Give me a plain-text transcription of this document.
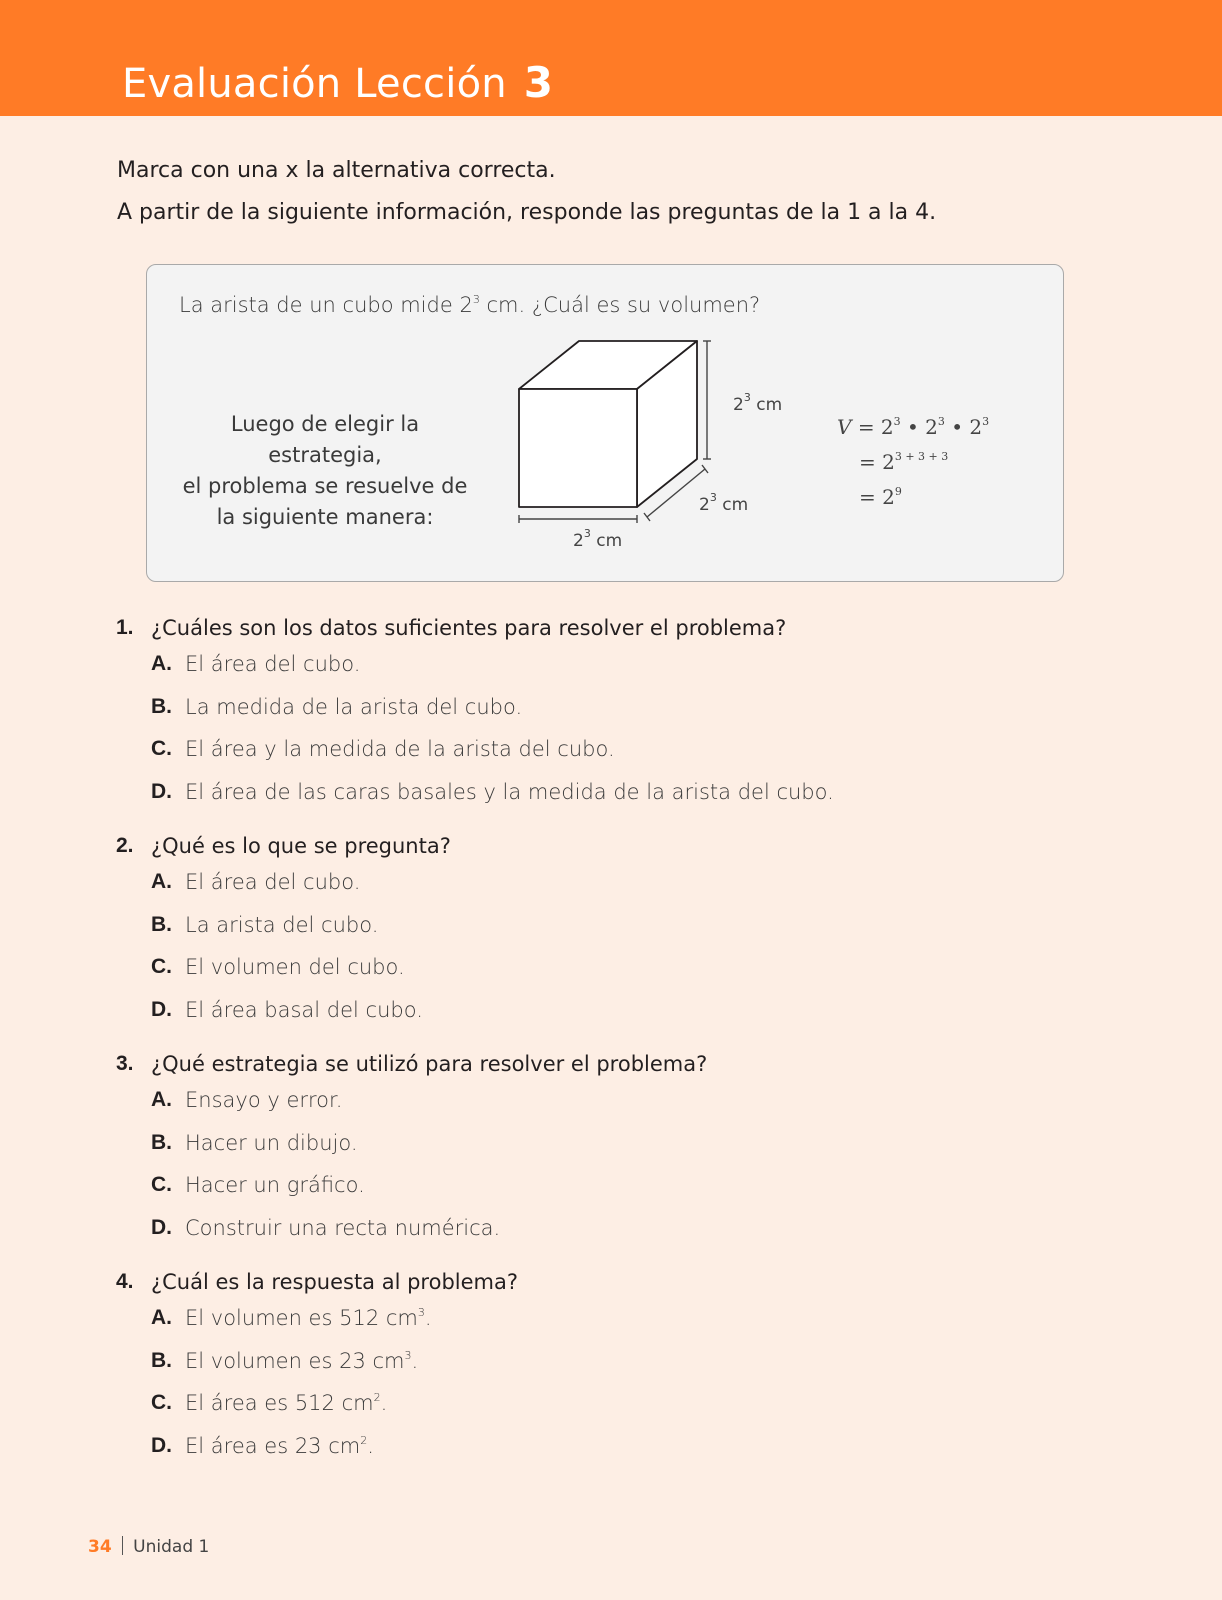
Evaluación Lección 3
Marca con una x la alternativa correcta.
A partir de la siguiente información, responde las preguntas de la 1 a la 4.
La arista de un cubo mide $2^3$ cm. ¿Cuál es su volumen?
Luego de elegir la estrategia,
el problema se resuelve de
la siguiente manera:
$2^3$ cm
$2^3$ cm
$2^3$ cm
$V = 2^3$ • $2^3$ • $2^3$
= $2^{3 + 3 + 3}$
= $2^9$
1. ¿Cuáles son los datos suficientes para resolver el problema?
A. El área del cubo.
B. La medida de la arista del cubo.
C. El área y la medida de la arista del cubo.
D. El área de las caras basales y la medida de la arista del cubo.
2. ¿Qué es lo que se pregunta?
A. El área del cubo.
B. La arista del cubo.
C. El volumen del cubo.
D. El área basal del cubo.
3. ¿Qué estrategia se utilizó para resolver el problema?
A. Ensayo y error.
B. Hacer un dibujo.
C. Hacer un gráfico.
D. Construir una recta numérica.
4. ¿Cuál es la respuesta al problema?
A. El volumen es 512 $cm^3$.
B. El volumen es 23 $cm^3$.
C. El área es 512 $cm^2$.
D. El área es 23 $cm^2$.
34 Unidad 1
